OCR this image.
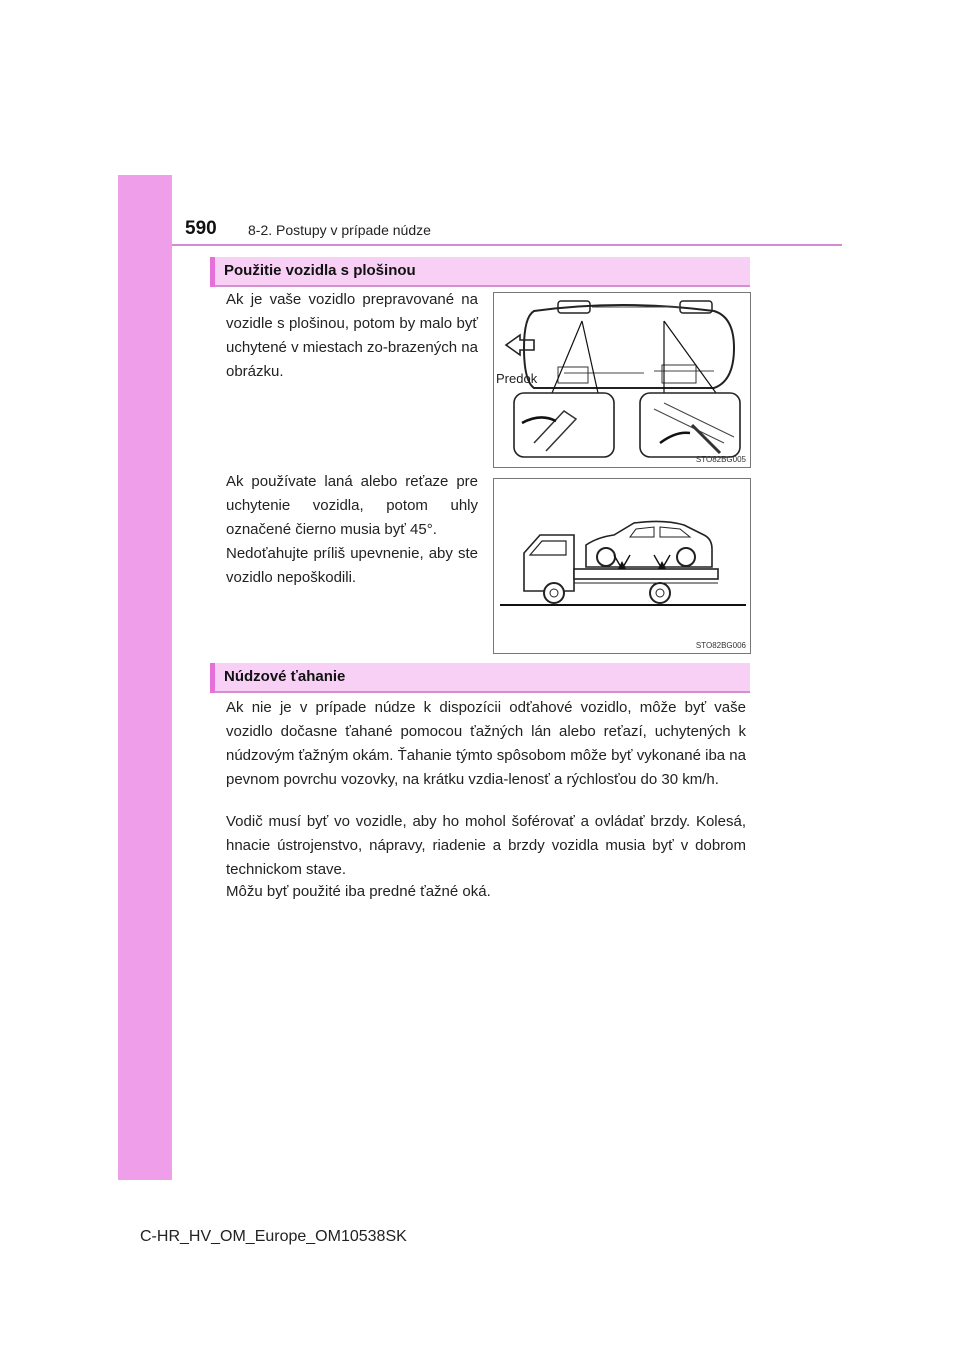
590 8-2. Postupy v prípade núdze
Použitie vozidla s plošinou

Ak je vaše vozidlo prepravované na vozidle s plošinou, potom by malo byť uchytené v miestach zo-brazených na obrázku.	Predok
STO82BG005

Ak používate laná alebo reťaze pre uchytenie vozidla, potom uhly označené čierno musia byť 45°.

Nedoťahujte príliš upevnenie, aby ste vozidlo nepoškodili.

STO82BG006
Núdzové ťahanie

Ak nie je v prípade núdze k dispozícii odťahové vozidlo, môže byť vaše vozidlo dočasne ťahané pomocou ťažných lán alebo reťazí, uchytených k núdzovým ťažným okám. Ťahanie týmto spôsobom môže byť vykonané iba na pevnom povrchu vozovky, na krátku vzdia-lenosť a rýchlosťou do 30 km/h.

Vodič musí byť vo vozidle, aby ho mohol šoférovať a ovládať brzdy. Kolesá, hnacie ústrojenstvo, nápravy, riadenie a brzdy vozidla musia byť v dobrom technickom stave.

Môžu byť použité iba predné ťažné oká.

C-HR_HV_OM_Europe_OM10538SK
